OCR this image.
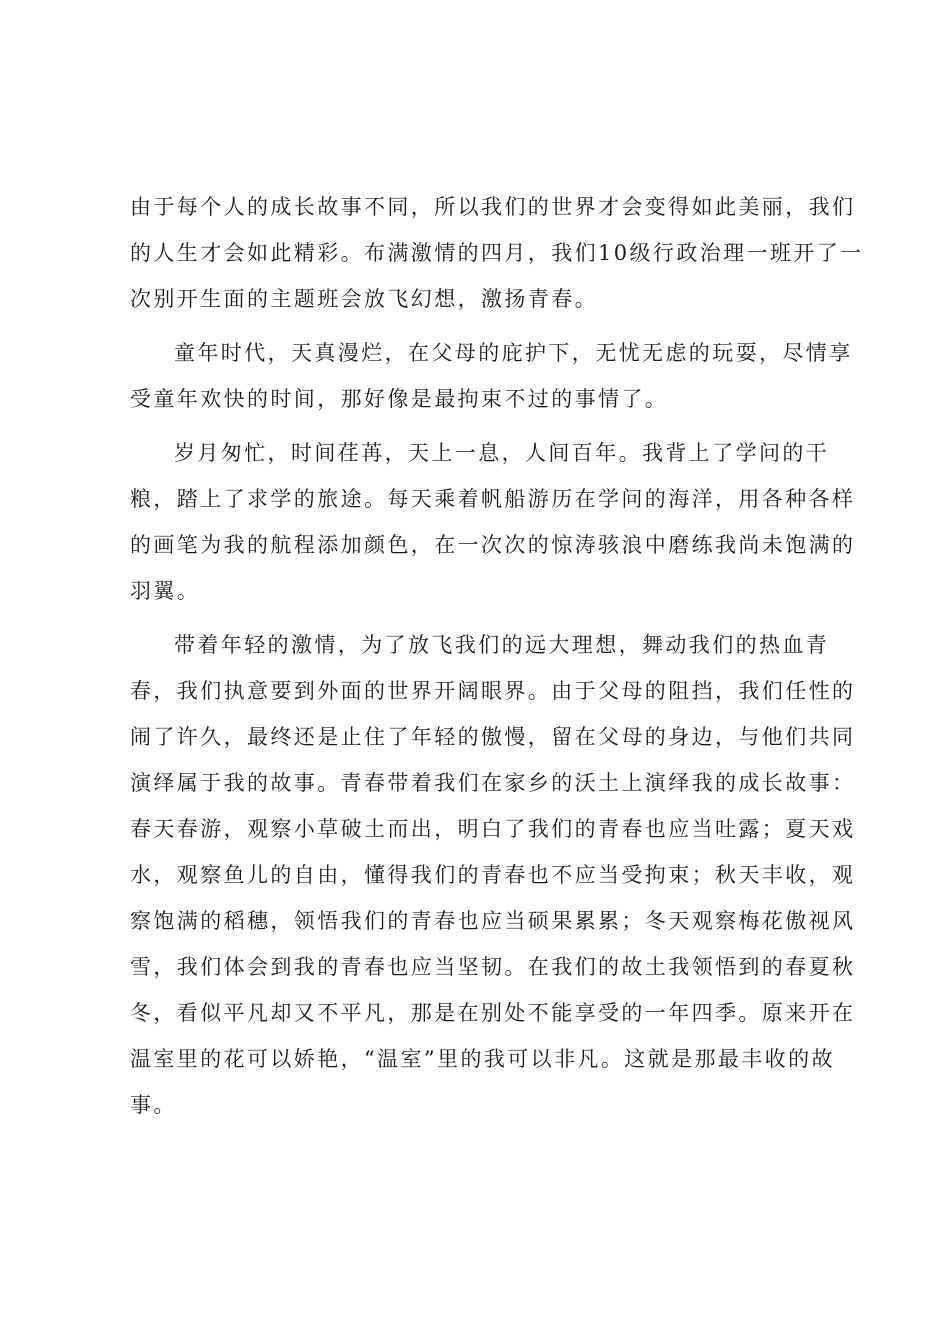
由于每个人的成长故事不同，所以我们的世界才会变得如此美丽，我们
的人生才会如此精彩。布满激情的四月，我们10级行政治理一班开了一
次别开生面的主题班会放飞幻想，激扬青春。

童年时代，天真漫烂，在父母的庇护下，无忧无虑的玩耍，尽情享
受童年欢快的时间，那好像是最拘束不过的事情了。

岁月匆忙，时间荏苒，天上一息，人间百年。我背上了学问的干
粮，踏上了求学的旅途。每天乘着帆船游历在学问的海洋，用各种各样
的画笔为我的航程添加颜色，在一次次的惊涛骇浪中磨练我尚未饱满的
羽翼。

带着年轻的激情，为了放飞我们的远大理想，舞动我们的热血青
春，我们执意要到外面的世界开阔眼界。由于父母的阻挡，我们任性的
闹了许久，最终还是止住了年轻的傲慢，留在父母的身边，与他们共同
演绎属于我的故事。青春带着我们在家乡的沃土上演绎我的成长故事：
春天春游，观察小草破土而出，明白了我们的青春也应当吐露；夏天戏
水，观察鱼儿的自由，懂得我们的青春也不应当受拘束；秋天丰收，观
察饱满的稻穗，领悟我们的青春也应当硕果累累；冬天观察梅花傲视风
雪，我们体会到我的青春也应当坚韧。在我们的故土我领悟到的春夏秋
冬，看似平凡却又不平凡，那是在别处不能享受的一年四季。原来开在
温室里的花可以娇艳，“温室”里的我可以非凡。这就是那最丰收的故
事。
